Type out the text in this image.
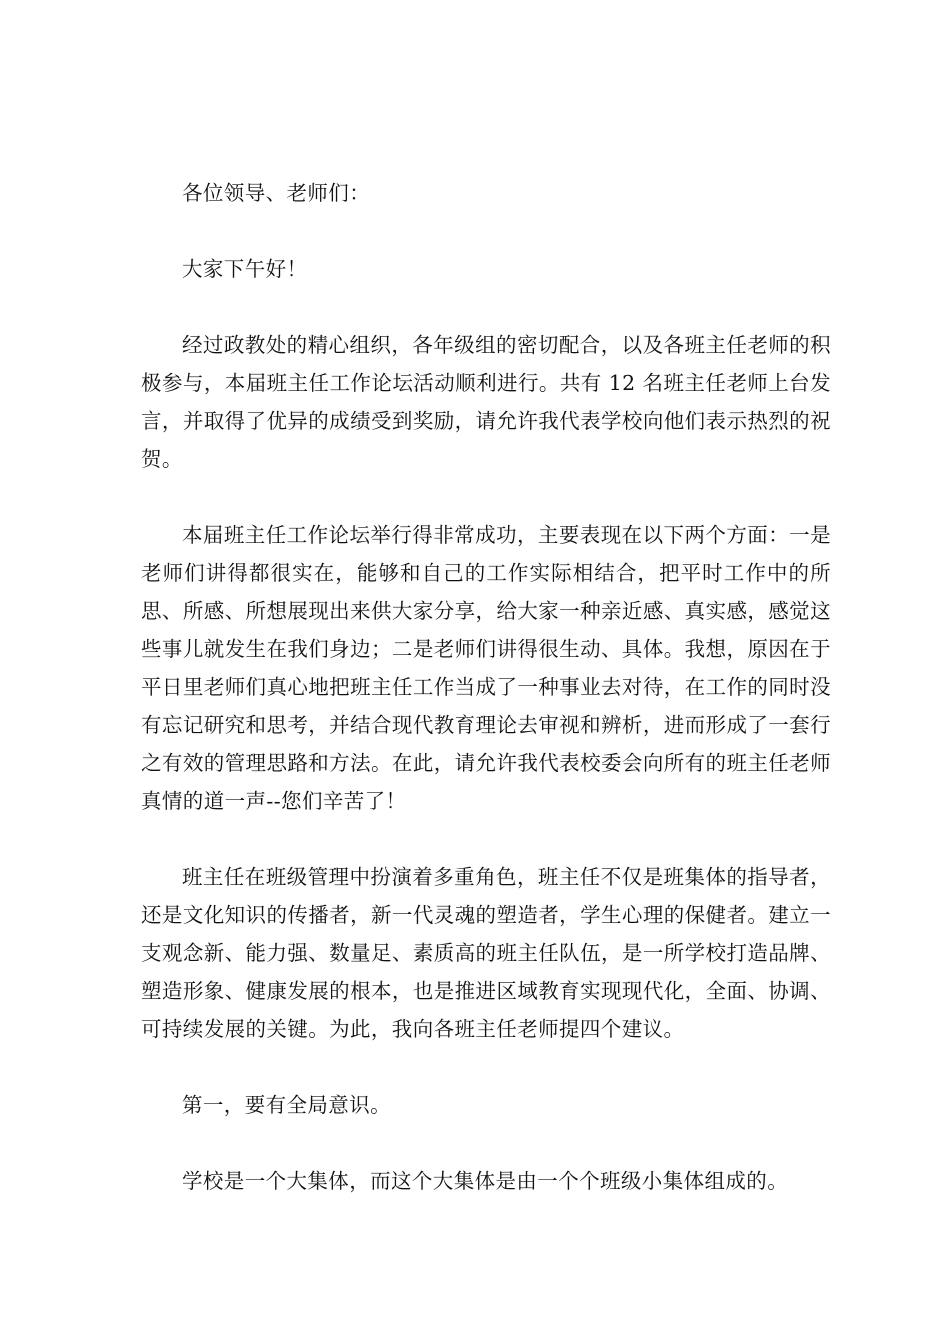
各位领导、老师们：

大家下午好！

经过政教处的精心组织，各年级组的密切配合，以及各班主任老师的积极参与，本届班主任工作论坛活动顺利进行。共有 12 名班主任老师上台发言，并取得了优异的成绩受到奖励，请允许我代表学校向他们表示热烈的祝贺。

本届班主任工作论坛举行得非常成功，主要表现在以下两个方面：一是老师们讲得都很实在，能够和自己的工作实际相结合，把平时工作中的所思、所感、所想展现出来供大家分享，给大家一种亲近感、真实感，感觉这些事儿就发生在我们身边；二是老师们讲得很生动、具体。我想，原因在于平日里老师们真心地把班主任工作当成了一种事业去对待，在工作的同时没有忘记研究和思考，并结合现代教育理论去审视和辨析，进而形成了一套行之有效的管理思路和方法。在此，请允许我代表校委会向所有的班主任老师真情的道一声--您们辛苦了！

班主任在班级管理中扮演着多重角色，班主任不仅是班集体的指导者，还是文化知识的传播者，新一代灵魂的塑造者，学生心理的保健者。建立一支观念新、能力强、数量足、素质高的班主任队伍，是一所学校打造品牌、塑造形象、健康发展的根本，也是推进区域教育实现现代化，全面、协调、可持续发展的关键。为此，我向各班主任老师提四个建议。

第一，要有全局意识。

学校是一个大集体，而这个大集体是由一个个班级小集体组成的。
